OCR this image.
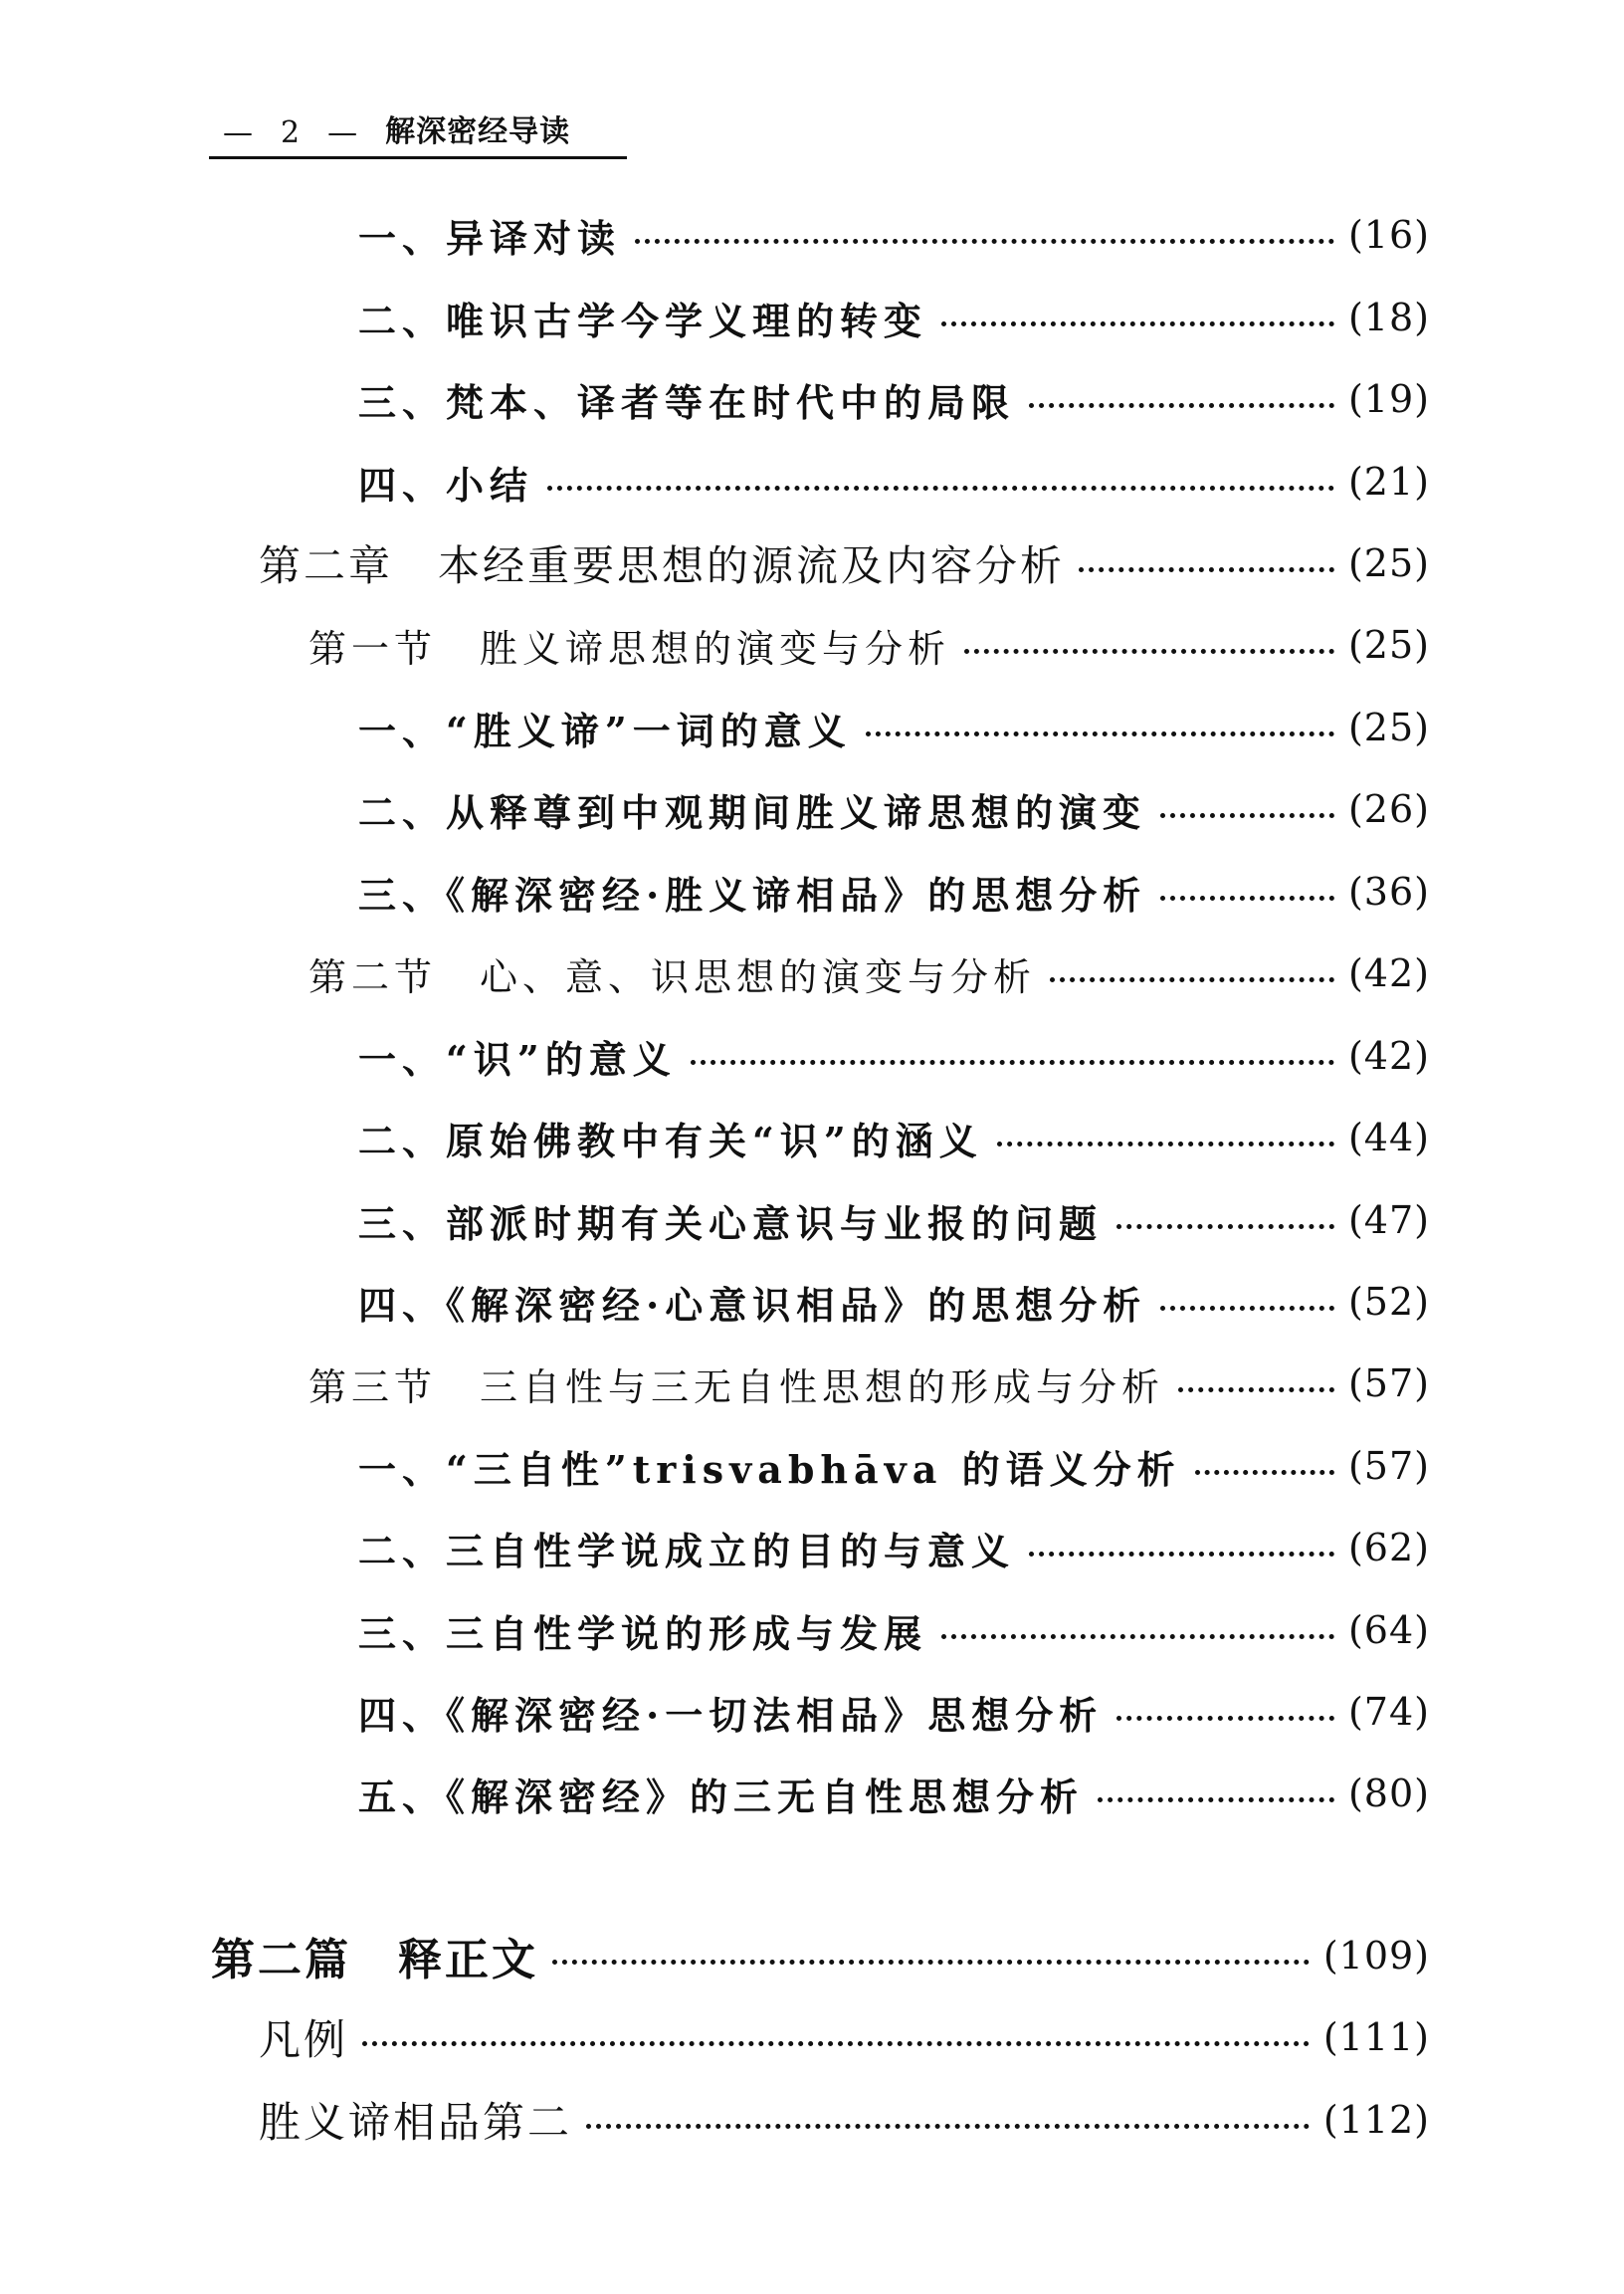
— 2 — 解深密经导读
一、异译对读	(16)
二、唯识古学今学义理的转变	(18)
三、梵本、译者等在时代中的局限	(19)
四、小结	(21)
第二章　本经重要思想的源流及内容分析	(25)
第一节　胜义谛思想的演变与分析	(25)
一、“胜义谛”一词的意义	(25)
二、从释尊到中观期间胜义谛思想的演变	(26)
三、《解深密经·胜义谛相品》的思想分析	(36)
第二节　心、意、识思想的演变与分析	(42)
一、“识”的意义	(42)
二、原始佛教中有关“识”的涵义	(44)
三、部派时期有关心意识与业报的问题	(47)
四、《解深密经·心意识相品》的思想分析	(52)
第三节　三自性与三无自性思想的形成与分析	(57)
一、“三自性”trisvabhāva 的语义分析	(57)
二、三自性学说成立的目的与意义	(62)
三、三自性学说的形成与发展	(64)
四、《解深密经·一切法相品》思想分析	(74)
五、《解深密经》的三无自性思想分析	(80)
第二篇　释正文	(109)
凡例	(111)
胜义谛相品第二	(112)
